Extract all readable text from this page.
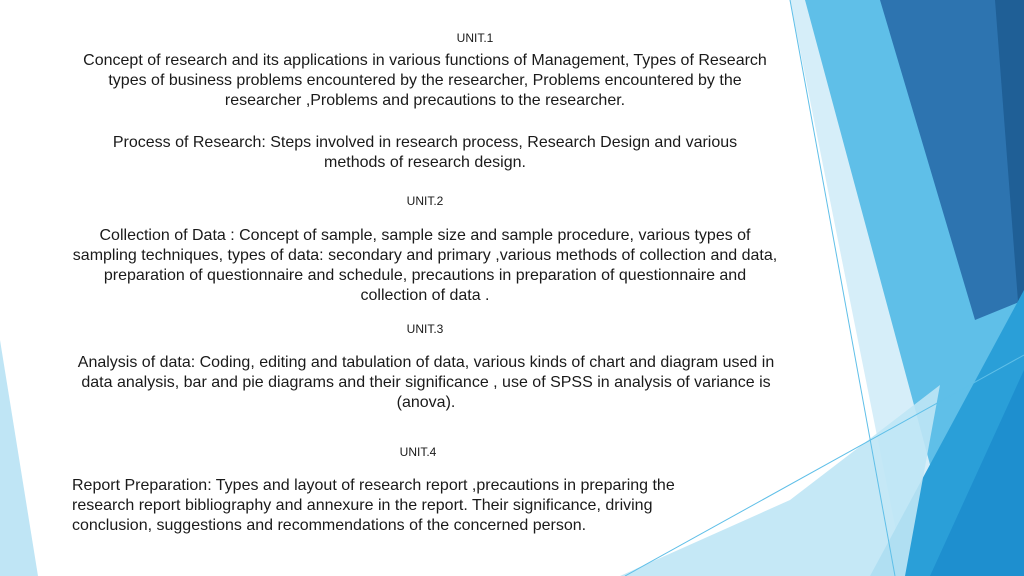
UNIT.1
Concept of research and its applications in various functions of Management, Types of Research types of business problems encountered by the researcher, Problems encountered by the researcher ,Problems and precautions to the researcher.
Process of Research: Steps involved in research process, Research Design and various methods of research design.
UNIT.2
Collection of Data : Concept of sample, sample size and sample procedure, various types of sampling techniques, types of data: secondary and primary ,various methods of collection and data, preparation of questionnaire and schedule, precautions in preparation of questionnaire and collection of data .
UNIT.3
Analysis of data: Coding, editing and tabulation of data, various kinds of chart and diagram used in data analysis, bar and pie diagrams and their significance , use of SPSS in analysis of variance is (anova).
UNIT.4
Report Preparation: Types and layout of research report ,precautions in preparing the research report bibliography and annexure in the report. Their significance, driving conclusion, suggestions and recommendations of the concerned person.
